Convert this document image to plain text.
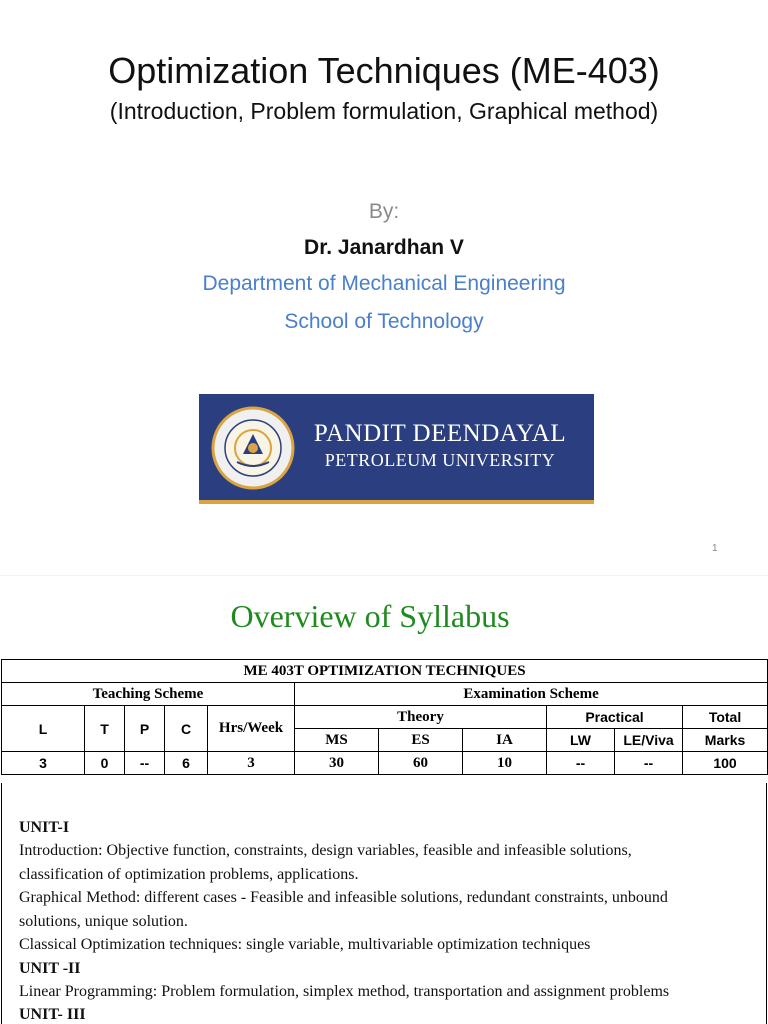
Optimization Techniques (ME-403)
(Introduction, Problem formulation, Graphical method)
By:
Dr. Janardhan V
Department of Mechanical Engineering
School of Technology
PANDIT DEENDAYAL
PETROLEUM UNIVERSITY
1
Overview of Syllabus
ME 403T OPTIMIZATION TECHNIQUES										
Teaching Scheme					Examination Scheme					
L	T	P	C	Hrs/Week	Theory			Practical		Total
					MS	ES	IA	LW	LE/Viva	Marks
3	0	--	6	3	30	60	10	--	--	100
UNIT-I
Introduction: Objective function, constraints, design variables, feasible and infeasible solutions,
classification of optimization problems, applications.
Graphical Method: different cases - Feasible and infeasible solutions, redundant constraints, unbound
solutions, unique solution.
Classical Optimization techniques: single variable, multivariable optimization techniques
UNIT -II
Linear Programming: Problem formulation, simplex method, transportation and assignment problems
UNIT- III
